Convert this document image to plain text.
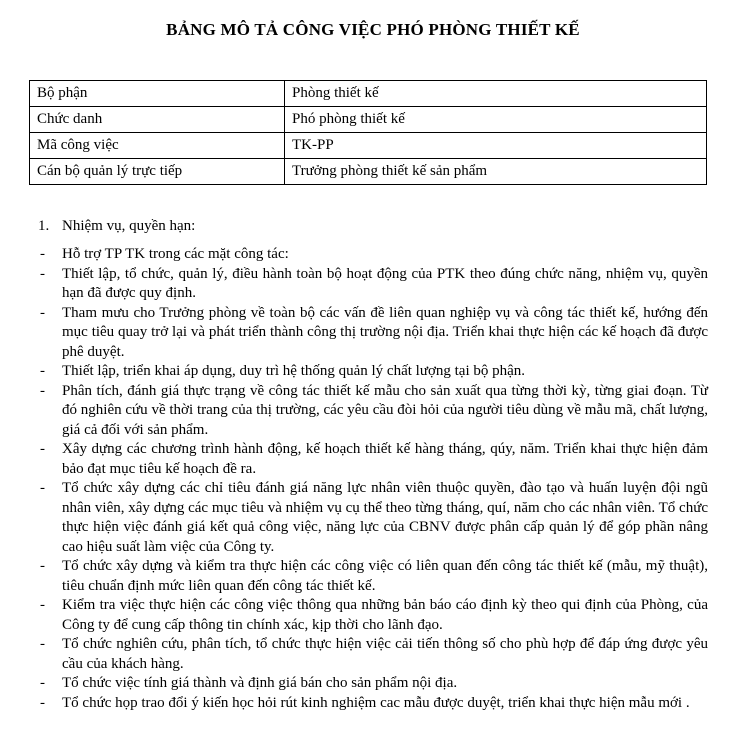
BẢNG MÔ TẢ CÔNG VIỆC PHÓ PHÒNG THIẾT KẾ
Bộ phận	Phòng thiết kế
Chức danh	Phó phòng thiết kế
Mã công việc	TK-PP
Cán bộ quản lý trực tiếp	Trưởng phòng thiết kế sản phẩm
1. Nhiệm vụ, quyền hạn:
- Hỗ trợ TP TK trong các mặt công tác:
- Thiết lập, tổ chức, quản lý, điều hành toàn bộ hoạt động của PTK theo đúng chức năng, nhiệm vụ, quyền hạn đã được quy định.
- Tham mưu cho Trưởng phòng về toàn bộ các vấn đề liên quan nghiệp vụ và công tác thiết kế, hướng đến mục tiêu quay trở lại và phát triển thành công thị trường nội địa. Triển khai thực hiện các kế hoạch đã được phê duyệt.
- Thiết lập, triển khai áp dụng, duy trì hệ thống quản lý chất lượng tại bộ phận.
- Phân tích, đánh giá thực trạng về công tác thiết kế mẫu cho sản xuất qua từng thời kỳ, từng giai đoạn. Từ đó nghiên cứu về thời trang của thị trường, các yêu cầu đòi hỏi của người tiêu dùng về mẫu mã, chất lượng, giá cả đối với sản phẩm.
- Xây dựng các chương trình hành động, kế hoạch thiết kế hàng tháng, qúy, năm. Triển khai thực hiện đảm bảo đạt mục tiêu kế hoạch đề ra.
- Tổ chức xây dựng các chỉ tiêu đánh giá năng lực nhân viên thuộc quyền, đào tạo và huấn luyện đội ngũ nhân viên, xây dựng các mục tiêu và nhiệm vụ cụ thể theo từng tháng, quí, năm cho các nhân viên. Tổ chức thực hiện việc đánh giá kết quả công việc, năng lực của CBNV được phân cấp quản lý để góp phần nâng cao hiệu suất làm việc của Công ty.
- Tổ chức xây dựng và kiểm tra thực hiện các công việc có liên quan đến công tác thiết kế (mẫu, mỹ thuật), tiêu chuẩn định mức liên quan đến công tác thiết kế.
- Kiểm tra việc thực hiện các công việc thông qua những bản báo cáo định kỳ theo qui định của Phòng, của Công ty để cung cấp thông tin chính xác, kịp thời cho lãnh đạo.
- Tổ chức nghiên cứu, phân tích, tổ chức thực hiện việc cải tiến thông số cho phù hợp để đáp ứng được yêu cầu của khách hàng.
- Tổ chức việc tính giá thành và định giá bán cho sản phẩm nội địa.
- Tổ chức họp trao đổi ý kiến học hỏi rút kinh nghiệm cac mẫu được duyệt, triển khai thực hiện mẫu mới .
